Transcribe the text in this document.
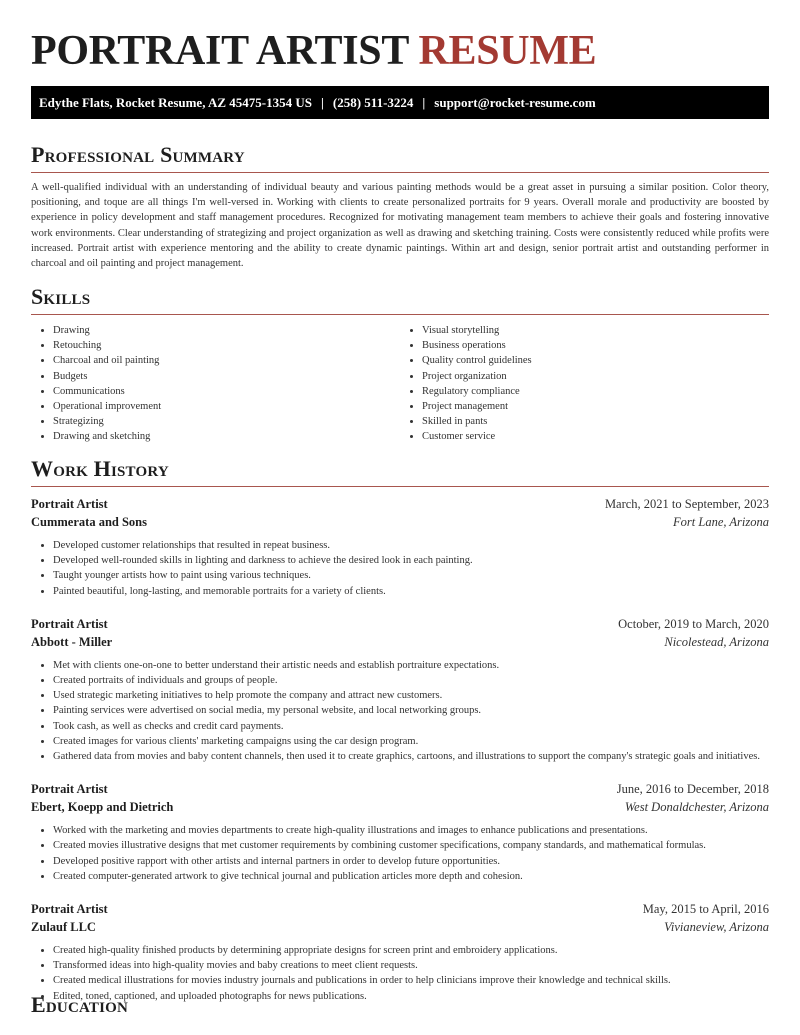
PORTRAIT ARTIST RESUME
Edythe Flats, Rocket Resume, AZ 45475-1354 US | (258) 511-3224 | support@rocket-resume.com
Professional Summary

A well-qualified individual with an understanding of individual beauty and various painting methods would be a great asset in pursuing a similar position. Color theory, positioning, and toque are all things I'm well-versed in. Working with clients to create personalized portraits for 9 years. Overall morale and productivity are boosted by experience in policy development and staff management procedures. Recognized for motivating management team members to achieve their goals and fostering innovative work environments. Clear understanding of strategizing and project organization as well as drawing and sketching training. Costs were consistently reduced while profits were increased. Portrait artist with experience mentoring and the ability to create dynamic paintings. Within art and design, senior portrait artist and outstanding performer in charcoal and oil painting and project management.

Skills
• Drawing
• Retouching
• Charcoal and oil painting
• Budgets
• Communications
• Operational improvement
• Strategizing
• Drawing and sketching
• Visual storytelling
• Business operations
• Quality control guidelines
• Project organization
• Regulatory compliance
• Project management
• Skilled in pants
• Customer service
Work History
Portrait Artist	March, 2021 to September, 2023
Cummerata and Sons	Fort Lane, Arizona
• Developed customer relationships that resulted in repeat business.
• Developed well-rounded skills in lighting and darkness to achieve the desired look in each painting.
• Taught younger artists how to paint using various techniques.
• Painted beautiful, long-lasting, and memorable portraits for a variety of clients.
Portrait Artist	October, 2019 to March, 2020
Abbott - Miller	Nicolestead, Arizona
• Met with clients one-on-one to better understand their artistic needs and establish portraiture expectations.
• Created portraits of individuals and groups of people.
• Used strategic marketing initiatives to help promote the company and attract new customers.
• Painting services were advertised on social media, my personal website, and local networking groups.
• Took cash, as well as checks and credit card payments.
• Created images for various clients' marketing campaigns using the car design program.
• Gathered data from movies and baby content channels, then used it to create graphics, cartoons, and illustrations to support the company's strategic goals and initiatives.
Portrait Artist	June, 2016 to December, 2018
Ebert, Koepp and Dietrich	West Donaldchester, Arizona
• Worked with the marketing and movies departments to create high-quality illustrations and images to enhance publications and presentations.
• Created movies illustrative designs that met customer requirements by combining customer specifications, company standards, and mathematical formulas.
• Developed positive rapport with other artists and internal partners in order to develop future opportunities.
• Created computer-generated artwork to give technical journal and publication articles more depth and cohesion.
Portrait Artist	May, 2015 to April, 2016
Zulauf LLC	Vivianeview, Arizona
• Created high-quality finished products by determining appropriate designs for screen print and embroidery applications.
• Transformed ideas into high-quality movies and baby creations to meet client requests.
• Created medical illustrations for movies industry journals and publications in order to help clinicians improve their knowledge and technical skills.
• Edited, toned, captioned, and uploaded photographs for news publications.
Education
